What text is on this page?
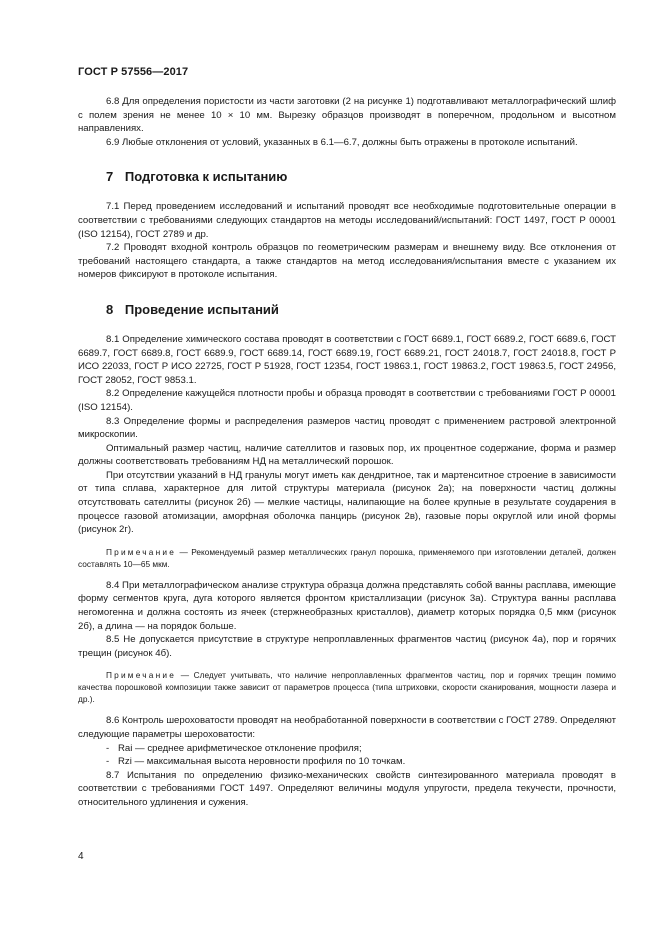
ГОСТ Р 57556—2017

6.8 Для определения пористости из части заготовки (2 на рисунке 1) подготавливают металлографический шлиф с полем зрения не менее 10 × 10 мм. Вырезку образцов производят в поперечном, продольном и высотном направлениях.

6.9 Любые отклонения от условий, указанных в 6.1—6.7, должны быть отражены в протоколе испытаний.

7 Подготовка к испытанию

7.1 Перед проведением исследований и испытаний проводят все необходимые подготовительные операции в соответствии с требованиями следующих стандартов на методы исследований/испытаний: ГОСТ 1497, ГОСТ Р 00001 (ISO 12154), ГОСТ 2789 и др.

7.2 Проводят входной контроль образцов по геометрическим размерам и внешнему виду. Все отклонения от требований настоящего стандарта, а также стандартов на метод исследования/испытания вместе с указанием их номеров фиксируют в протоколе испытания.

8 Проведение испытаний

8.1 Определение химического состава проводят в соответствии с ГОСТ 6689.1, ГОСТ 6689.2, ГОСТ 6689.6, ГОСТ 6689.7, ГОСТ 6689.8, ГОСТ 6689.9, ГОСТ 6689.14, ГОСТ 6689.19, ГОСТ 6689.21, ГОСТ 24018.7, ГОСТ 24018.8, ГОСТ Р ИСО 22033, ГОСТ Р ИСО 22725, ГОСТ Р 51928, ГОСТ 12354, ГОСТ 19863.1, ГОСТ 19863.2, ГОСТ 19863.5, ГОСТ 24956, ГОСТ 28052, ГОСТ 9853.1.

8.2 Определение кажущейся плотности пробы и образца проводят в соответствии с требованиями ГОСТ Р 00001 (ISO 12154).

8.3 Определение формы и распределения размеров частиц проводят с применением растровой электронной микроскопии.

Оптимальный размер частиц, наличие сателлитов и газовых пор, их процентное содержание, форма и размер должны соответствовать требованиям НД на металлический порошок.

При отсутствии указаний в НД гранулы могут иметь как дендритное, так и мартенситное строение в зависимости от типа сплава, характерное для литой структуры материала (рисунок 2а); на поверхности частиц должны отсутствовать сателлиты (рисунок 2б) — мелкие частицы, налипающие на более крупные в результате соударения в процессе газовой атомизации, аморфная оболочка панцирь (рисунок 2в), газовые поры округлой или иной формы (рисунок 2г).

Примечание — Рекомендуемый размер металлических гранул порошка, применяемого при изготовлении деталей, должен составлять 10—65 мкм.

8.4 При металлографическом анализе структура образца должна представлять собой ванны расплава, имеющие форму сегментов круга, дуга которого является фронтом кристаллизации (рисунок 3а). Структура ванны расплава негомогенна и должна состоять из ячеек (стержнеобразных кристаллов), диаметр которых порядка 0,5 мкм (рисунок 2б), а длина — на порядок больше.

8.5 Не допускается присутствие в структуре непроплавленных фрагментов частиц (рисунок 4а), пор и горячих трещин (рисунок 4б).

Примечание — Следует учитывать, что наличие непроплавленных фрагментов частиц, пор и горячих трещин помимо качества порошковой композиции также зависит от параметров процесса (типа штриховки, скорости сканирования, мощности лазера и др.).

8.6 Контроль шероховатости проводят на необработанной поверхности в соответствии с ГОСТ 2789. Определяют следующие параметры шероховатости:

- Rai — среднее арифметическое отклонение профиля;

- Rzi — максимальная высота неровности профиля по 10 точкам.

8.7 Испытания по определению физико-механических свойств синтезированного материала проводят в соответствии с требованиями ГОСТ 1497. Определяют величины модуля упругости, предела текучести, прочности, относительного удлинения и сужения.

4
